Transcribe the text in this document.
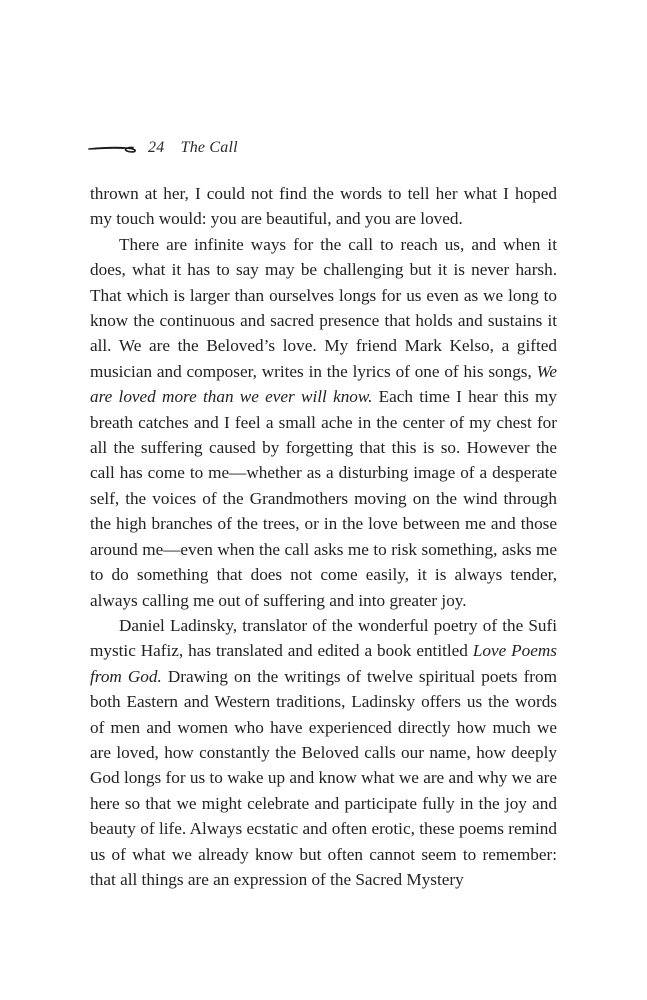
24 The Call

thrown at her, I could not find the words to tell her what I hoped my touch would: you are beautiful, and you are loved.

There are infinite ways for the call to reach us, and when it does, what it has to say may be challenging but it is never harsh. That which is larger than ourselves longs for us even as we long to know the continuous and sacred presence that holds and sustains it all. We are the Beloved’s love. My friend Mark Kelso, a gifted musician and composer, writes in the lyrics of one of his songs, We are loved more than we ever will know. Each time I hear this my breath catches and I feel a small ache in the center of my chest for all the suffering caused by forgetting that this is so. However the call has come to me—whether as a disturbing image of a desperate self, the voices of the Grandmothers moving on the wind through the high branches of the trees, or in the love between me and those around me—even when the call asks me to risk something, asks me to do something that does not come easily, it is always tender, always calling me out of suffering and into greater joy.

Daniel Ladinsky, translator of the wonderful poetry of the Sufi mystic Hafiz, has translated and edited a book entitled Love Poems from God. Drawing on the writings of twelve spiritual poets from both Eastern and Western traditions, Ladinsky offers us the words of men and women who have experienced directly how much we are loved, how constantly the Beloved calls our name, how deeply God longs for us to wake up and know what we are and why we are here so that we might celebrate and participate fully in the joy and beauty of life. Always ecstatic and often erotic, these poems remind us of what we already know but often cannot seem to remember: that all things are an expression of the Sacred Mystery
